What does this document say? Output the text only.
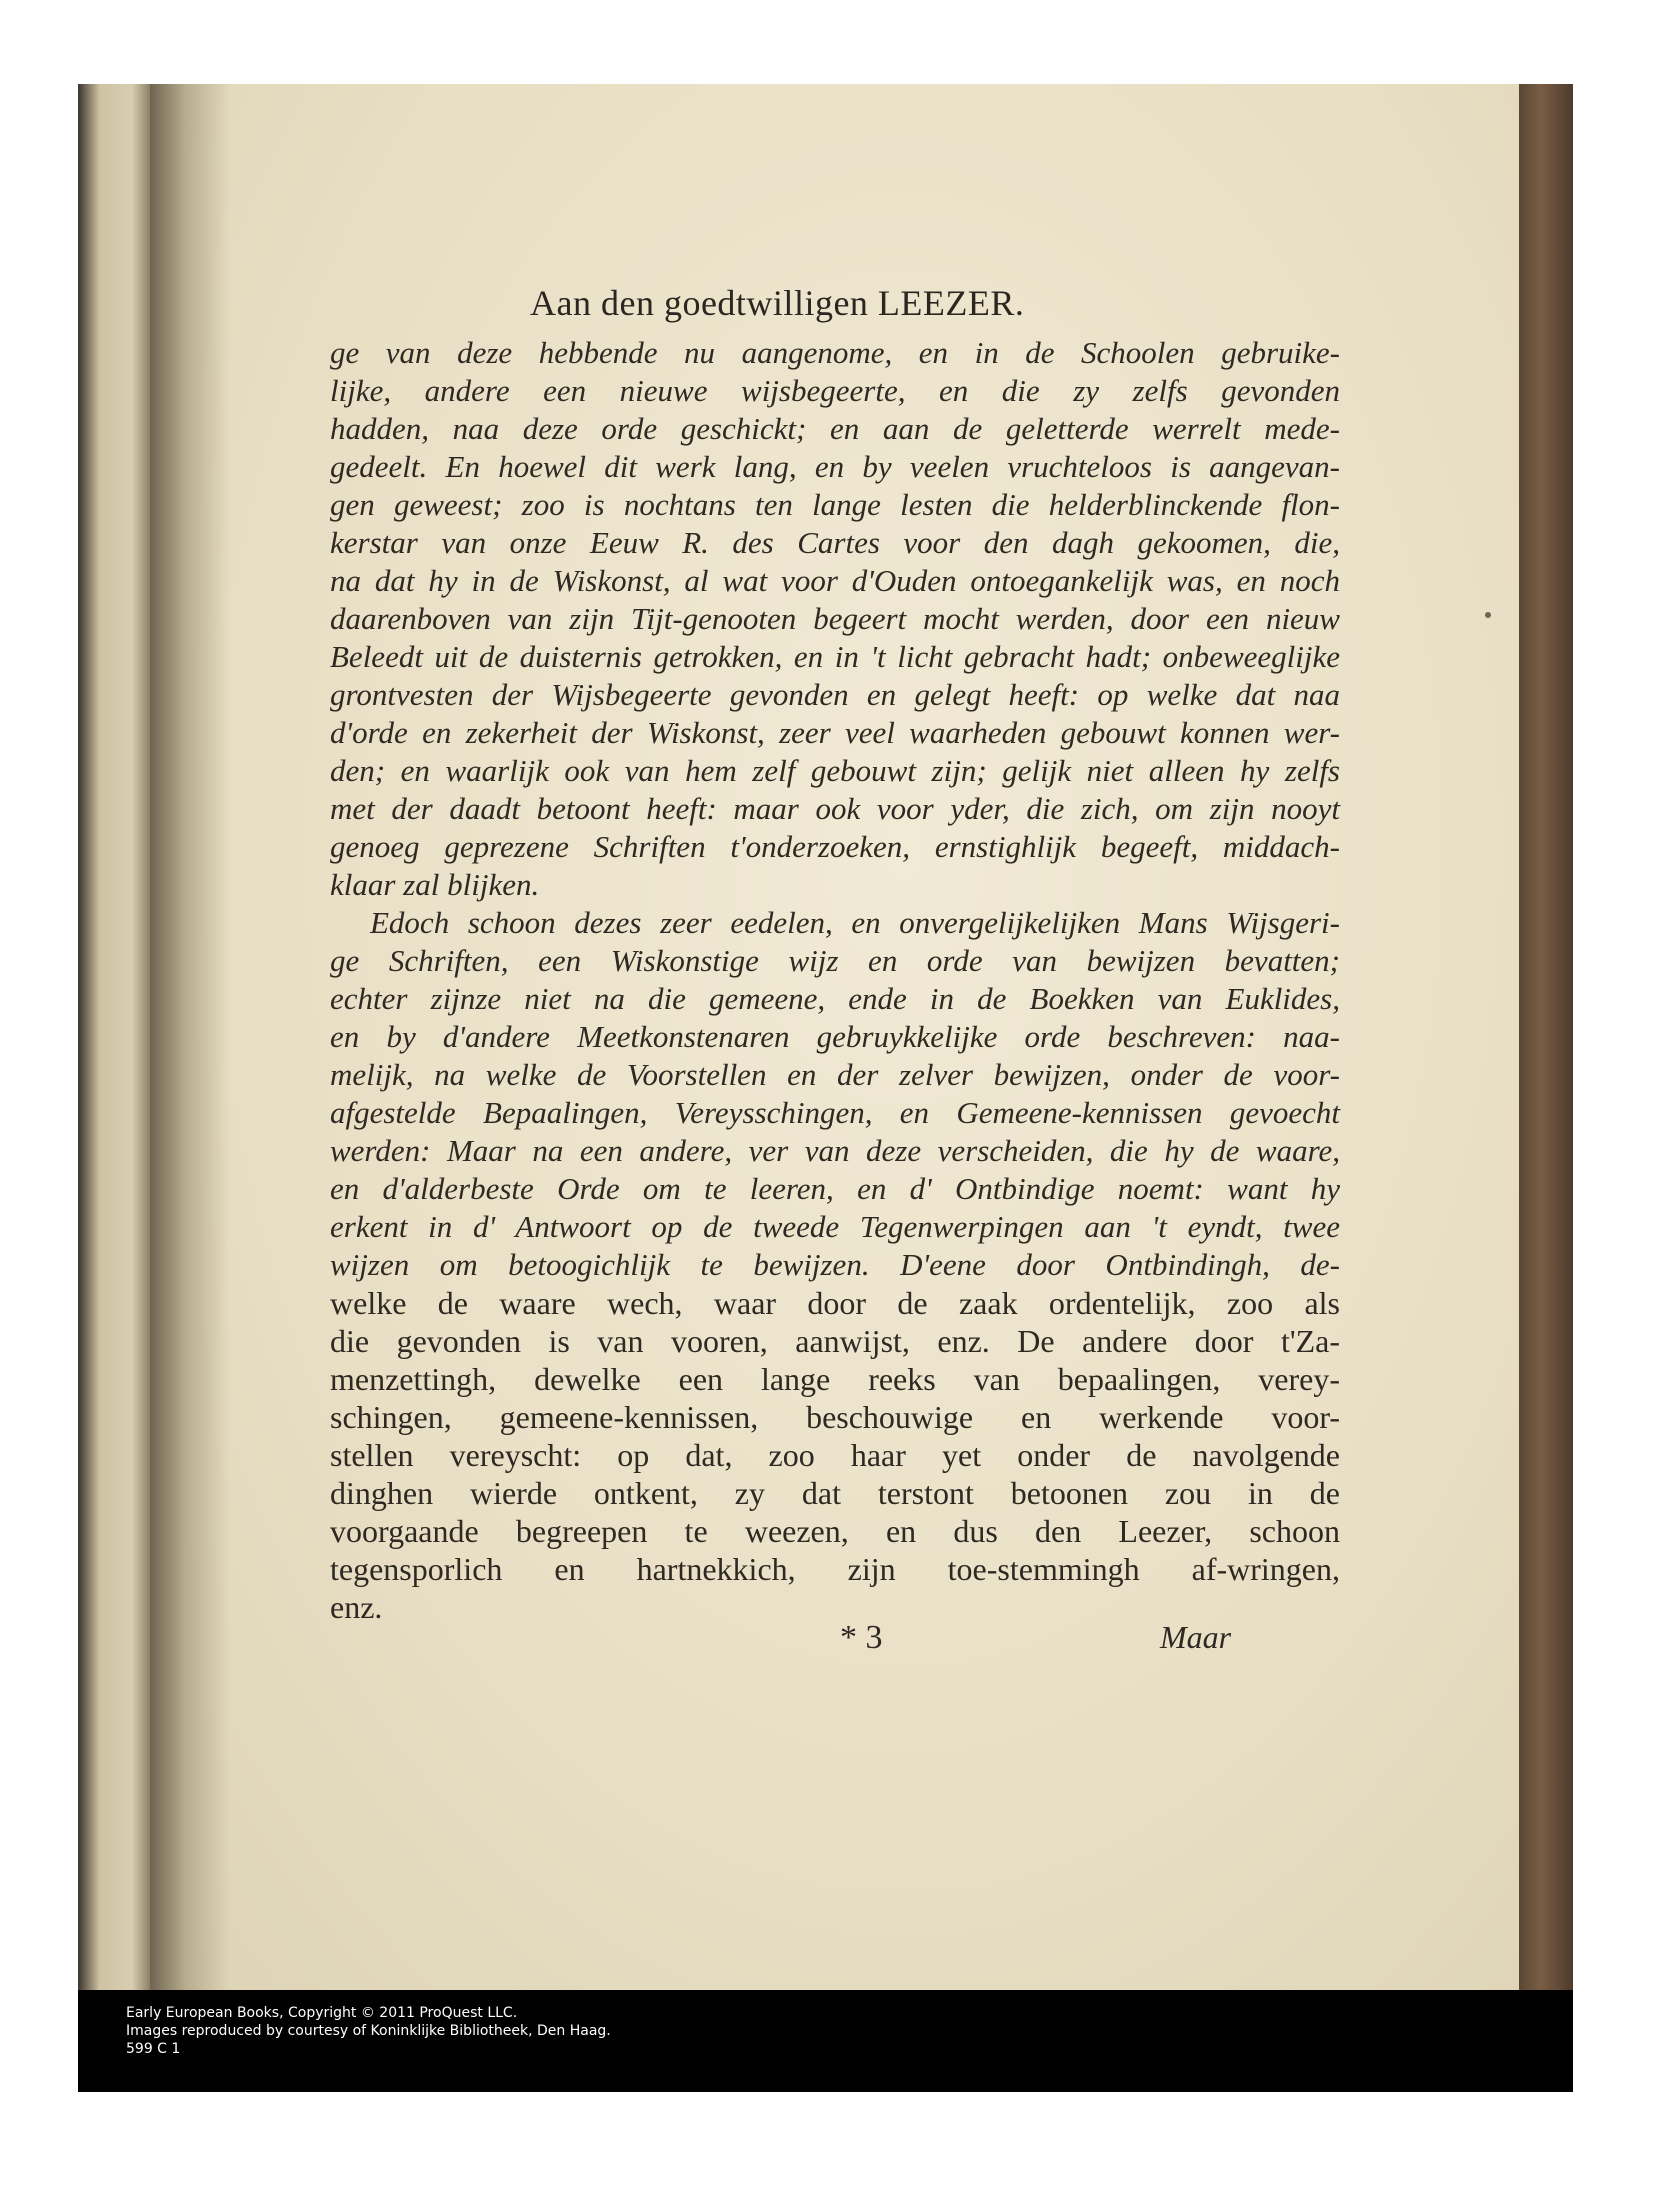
Aan den goedtwilligen LEEZER.
ge van deze hebbende nu aangenome, en in de Schoolen gebruike-
lijke, andere een nieuwe wijsbegeerte, en die zy zelfs gevonden
hadden, naa deze orde geschickt; en aan de geletterde werrelt mede-
gedeelt. En hoewel dit werk lang, en by veelen vruchteloos is aangevan-
gen geweest; zoo is nochtans ten lange lesten die helderblinckende flon-
kerstar van onze Eeuw R. des Cartes voor den dagh gekoomen, die,
na dat hy in de Wiskonst, al wat voor d'Ouden ontoegankelijk was, en noch
daarenboven van zijn Tijt-genooten begeert mocht werden, door een nieuw
Beleedt uit de duisternis getrokken, en in 't licht gebracht hadt; onbeweeglijke
grontvesten der Wijsbegeerte gevonden en gelegt heeft: op welke dat naa
d'orde en zekerheit der Wiskonst, zeer veel waarheden gebouwt konnen wer-
den; en waarlijk ook van hem zelf gebouwt zijn; gelijk niet alleen hy zelfs
met der daadt betoont heeft: maar ook voor yder, die zich, om zijn nooyt
genoeg geprezene Schriften t'onderzoeken, ernstighlijk begeeft, middach-
klaar zal blijken.
Edoch schoon dezes zeer eedelen, en onvergelijkelijken Mans Wijsgeri-
ge Schriften, een Wiskonstige wijz en orde van bewijzen bevatten;
echter zijnze niet na die gemeene, ende in de Boekken van Euklides,
en by d'andere Meetkonstenaren gebruykkelijke orde beschreven: naa-
melijk, na welke de Voorstellen en der zelver bewijzen, onder de voor-
afgestelde Bepaalingen, Vereysschingen, en Gemeene-kennissen gevoecht
werden: Maar na een andere, ver van deze verscheiden, die hy de waare,
en d'alderbeste Orde om te leeren, en d' Ontbindige noemt: want hy
erkent in d' Antwoort op de tweede Tegenwerpingen aan 't eyndt, twee
wijzen om betoogichlijk te bewijzen. D'eene door Ontbindingh, de-
welke de waare wech, waar door de zaak ordentelijk, zoo als
die gevonden is van vooren, aanwijst, enz. De andere door t'Za-
menzettingh, dewelke een lange reeks van bepaalingen, verey-
schingen, gemeene-kennissen, beschouwige en werkende voor-
stellen vereyscht: op dat, zoo haar yet onder de navolgende
dinghen wierde ontkent, zy dat terstont betoonen zou in de
voorgaande begreepen te weezen, en dus den Leezer, schoon
tegensporlich en hartnekkich, zijn toe-stemmingh af-wringen,
enz.
* 3	Maar
Early European Books, Copyright © 2011 ProQuest LLC.
Images reproduced by courtesy of Koninklijke Bibliotheek, Den Haag.
599 C 1
